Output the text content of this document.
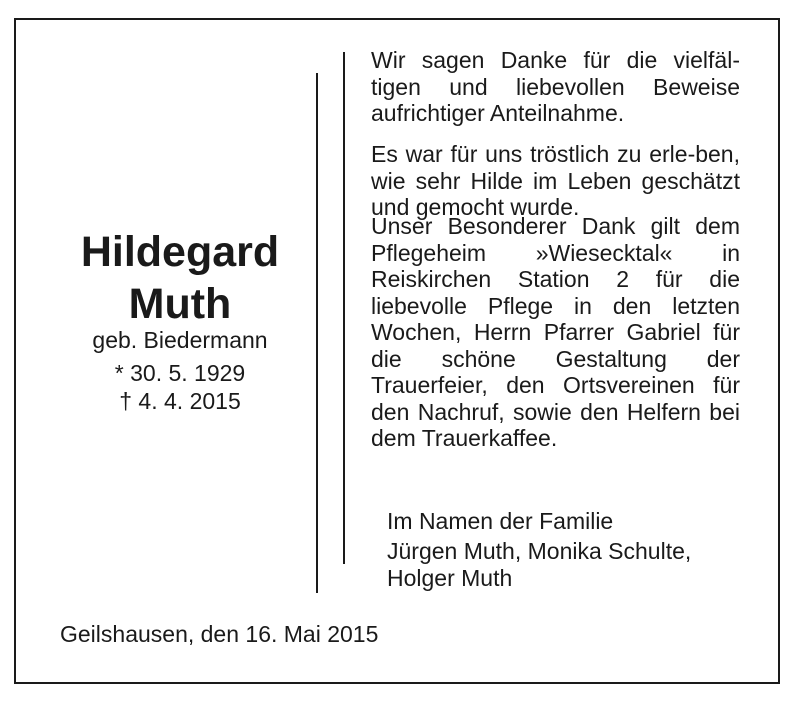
Hildegard
Muth
geb. Biedermann
* 30. 5. 1929
† 4. 4. 2015

Wir sagen Danke für die vielfäl-tigen und liebevollen Beweise aufrichtiger Anteilnahme.

Es war für uns tröstlich zu erle-ben, wie sehr Hilde im Leben geschätzt und gemocht wurde.

Unser Besonderer Dank gilt dem Pflegeheim »Wiesecktal« in Reiskirchen Station 2 für die liebevolle Pflege in den letzten Wochen, Herrn Pfarrer Gabriel für die schöne Gestaltung der Trauerfeier, den Ortsvereinen für den Nachruf, sowie den Helfern bei dem Trauerkaffee.

Im Namen der Familie
Jürgen Muth, Monika Schulte,
Holger Muth
Geilshausen, den 16. Mai 2015
